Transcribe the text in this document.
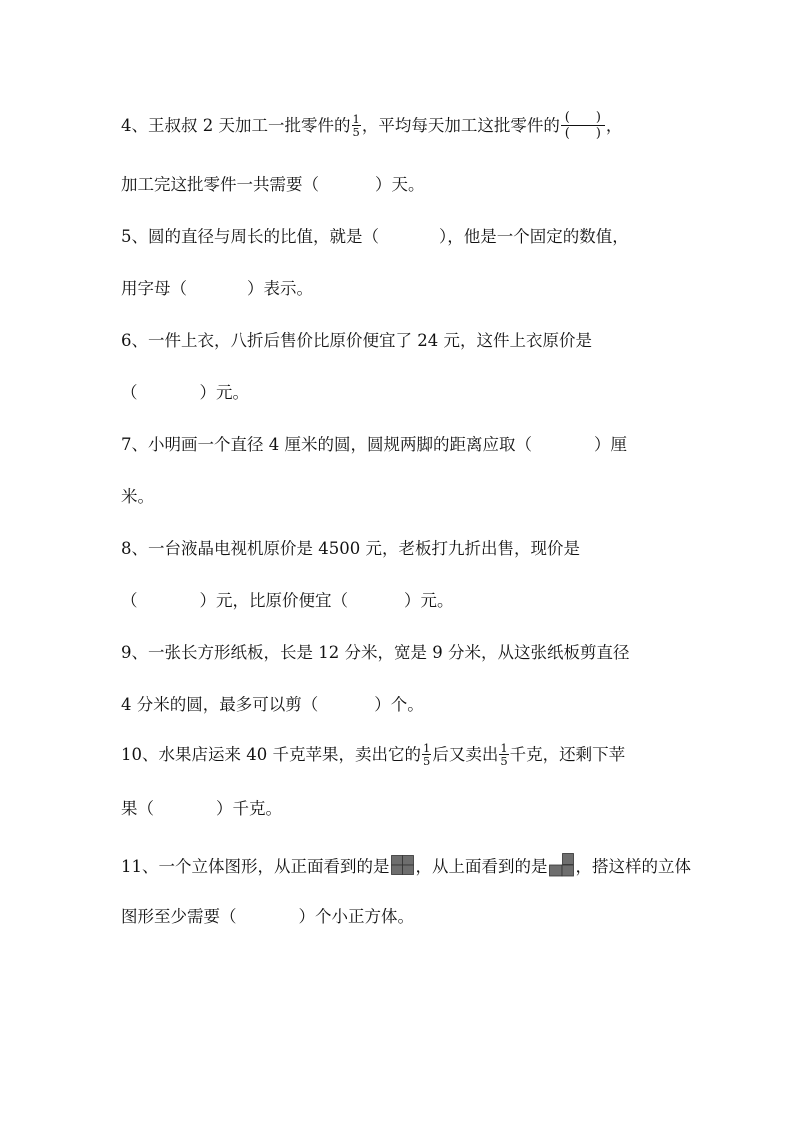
4、王叔叔 2 天加工一批零件的 $\frac{1}{5}$ ，平均每天加工这批零件的 $\frac{( )}{( )}$ ，
加工完这批零件一共需要（	）天。
5、圆的直径与周长的比值，就是（	），他是一个固定的数值，
用字母（	）表示。
6、一件上衣，八折后售价比原价便宜了 24 元，这件上衣原价是
（	）元。
7、小明画一个直径 4 厘米的圆，圆规两脚的距离应取（	）厘
米。
8、一台液晶电视机原价是 4500 元，老板打九折出售，现价是
（	）元，比原价便宜（	）元。
9、一张长方形纸板，长是 12 分米，宽是 9 分米，从这张纸板剪直径
4 分米的圆，最多可以剪（	）个。
10、水果店运来 40 千克苹果，卖出它的 $\frac{1}{5}$ 后又卖出 $\frac{1}{5}$ 千克，还剩下苹
果（	）千克。
11、一个立体图形，从正面看到的是 ，从上面看到的是 ，搭这样的立体
图形至少需要（	）个小正方体。
